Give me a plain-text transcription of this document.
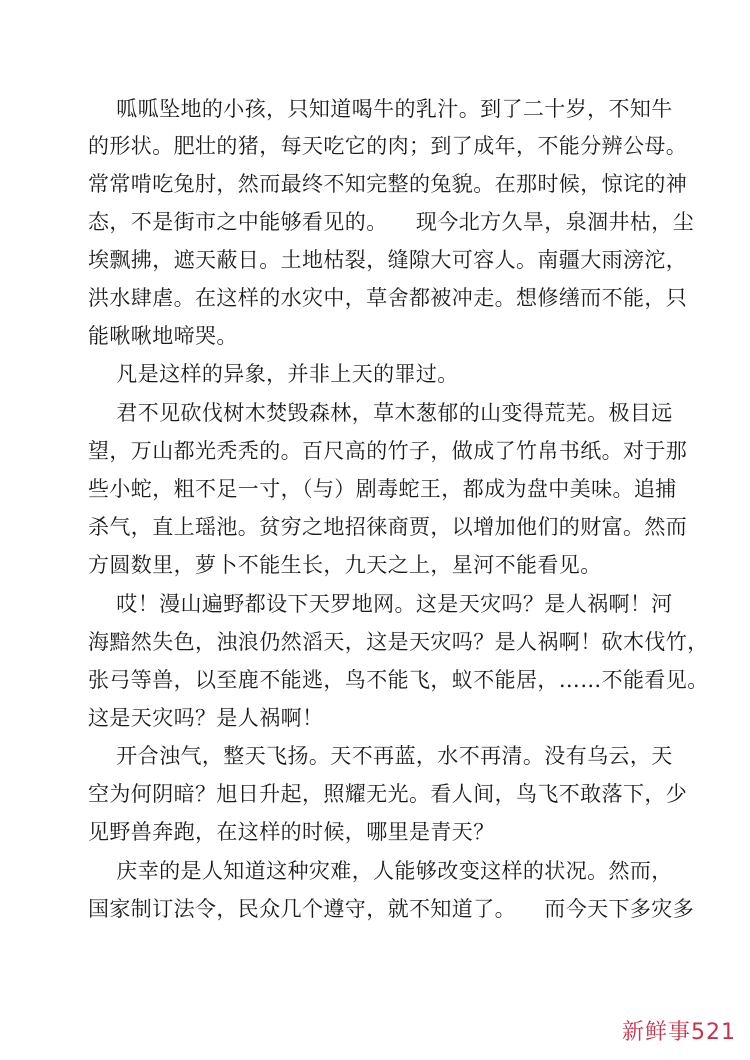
呱呱坠地的小孩，只知道喝牛的乳汁。到了二十岁，不知牛
的形状。肥壮的猪，每天吃它的肉；到了成年，不能分辨公母。
常常啃吃兔肘，然而最终不知完整的兔貌。在那时候，惊诧的神
态，不是街市之中能够看见的。    现今北方久旱，泉涸井枯，尘
埃飘拂，遮天蔽日。土地枯裂，缝隙大可容人。南疆大雨滂沱，
洪水肆虐。在这样的水灾中，草舍都被冲走。想修缮而不能，只
能啾啾地啼哭。
凡是这样的异象，并非上天的罪过。
君不见砍伐树木焚毁森林，草木葱郁的山变得荒芜。极目远
望，万山都光秃秃的。百尺高的竹子，做成了竹帛书纸。对于那
些小蛇，粗不足一寸，（与）剧毒蛇王，都成为盘中美味。追捕
杀气，直上瑶池。贫穷之地招徕商贾，以增加他们的财富。然而
方圆数里，萝卜不能生长，九天之上，星河不能看见。
哎！漫山遍野都设下天罗地网。这是天灾吗？是人祸啊！河
海黯然失色，浊浪仍然滔天，这是天灾吗？是人祸啊！砍木伐竹，
张弓等兽，以至鹿不能逃，鸟不能飞，蚁不能居，……不能看见。
这是天灾吗？是人祸啊！
开合浊气，整天飞扬。天不再蓝，水不再清。没有乌云，天
空为何阴暗？旭日升起，照耀无光。看人间，鸟飞不敢落下，少
见野兽奔跑，在这样的时候，哪里是青天？
庆幸的是人知道这种灾难，人能够改变这样的状况。然而，
国家制订法令，民众几个遵守，就不知道了。    而今天下多灾多
新鲜事521
